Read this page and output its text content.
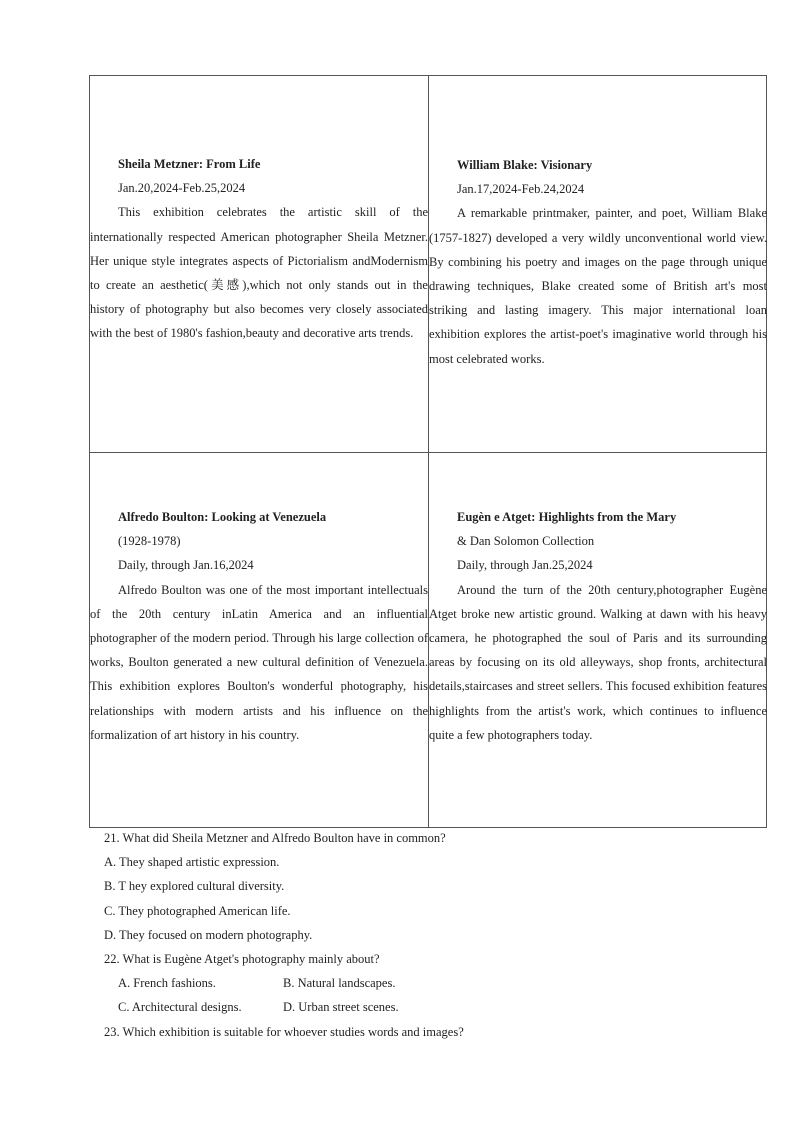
Sheila Metzner: From Life
Jan.20,2024-Feb.25,2024

This exhibition celebrates the artistic skill of the internationally respected American photographer Sheila Metzner. Her unique style integrates aspects of Pictorialism andModernism to create an aesthetic(美感),which not only stands out in the history of photography but also becomes very closely associated with the best of 1980's fashion,beauty and decorative arts trends.

William Blake: Visionary
Jan.17,2024-Feb.24,2024

A remarkable printmaker, painter, and poet, William Blake (1757-1827) developed a very wildly unconventional world view. By combining his poetry and images on the page through unique drawing techniques, Blake created some of British art's most striking and lasting imagery. This major international loan exhibition explores the artist-poet's imaginative world through his most celebrated works.

Alfredo Boulton: Looking at Venezuela
(1928-1978)
Daily, through Jan.16,2024

Alfredo Boulton was one of the most important intellectuals of the 20th century inLatin America and an influential photographer of the modern period. Through his large collection of works, Boulton generated a new cultural definition of Venezuela. This exhibition explores Boulton's wonderful photography, his relationships with modern artists and his influence on the formalization of art history in his country.

Eugèn e Atget: Highlights from the Mary
& Dan Solomon Collection
Daily, through Jan.25,2024

Around the turn of the 20th century,photographer Eugène Atget broke new artistic ground. Walking at dawn with his heavy camera, he photographed the soul of Paris and its surrounding areas by focusing on its old alleyways, shop fronts, architectural details,staircases and street sellers. This focused exhibition features highlights from the artist's work, which continues to influence quite a few photographers today.

21. What did Sheila Metzner and Alfredo Boulton have in common?

A. They shaped artistic expression.

B. T hey explored cultural diversity.

C. They photographed American life.

D. They focused on modern photography.

22. What is Eugène Atget's photography mainly about?

A. French fashions.	B. Natural landscapes.

C. Architectural designs.	D. Urban street scenes.

23. Which exhibition is suitable for whoever studies words and images?
